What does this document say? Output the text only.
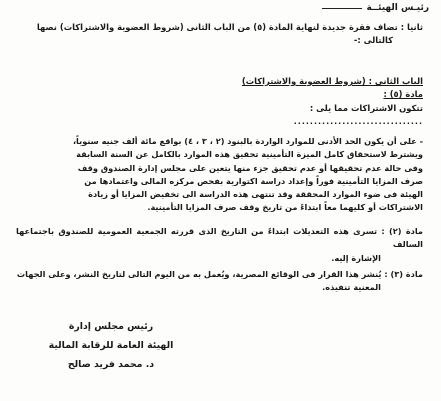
رئيـس الهيئــة
ثانيا : تضاف فقرة جديدة لنهاية المادة (٥) من الباب الثانى (شروط العضوية والاشتراكات) نصها
كالتالى :-
الباب الثانى : (شروط العضوية والاشتراكات)
مادة (٥) :
تتكون الاشتراكات مما يلى :
................................

- على أن يكون الحد الأدنى للموارد الواردة بالبنود (٢ ، ٣ ، ٤) بواقع مائة ألف جنيه سنوياً،

ويشترط لاستحقاق كامل الميزة التأمينية تحقيق هذه الموارد بالكامل عن السنة السابقة

وفى حالة عدم تحقيقها أو عدم تحقيق جزء منها يتعين على مجلس إدارة الصندوق وقف

صرف المزايا التأمينية فوراً وإعداد دراسة اكتوارية بفحص مركزه المالى واعتمادها من

الهيئة فى ضوء الموارد المحققة وقد تنتهى هذه الدراسة الى تخفيض المزايا أو زيادة

الاشتراكات أو كليهما معاً ابتداءً من تاريخ وقف صرف المزايا التأمينية.

مادة (٢) : تسرى هذه التعديلات ابتداءً من التاريخ الذى قررته الجمعية العمومية للصندوق باجتماعها السالف

الإشارة إليه.

مادة (٣) : يُنشر هذا القرار فى الوقائع المصرية، ويُعمل به من اليوم التالى لتاريخ النشر، وعلى الجهات

المعنية تنفيذه.

رئيس مجلس إدارة
الهيئة العامة للرقابة المالية
د. محمد فريد صالح
